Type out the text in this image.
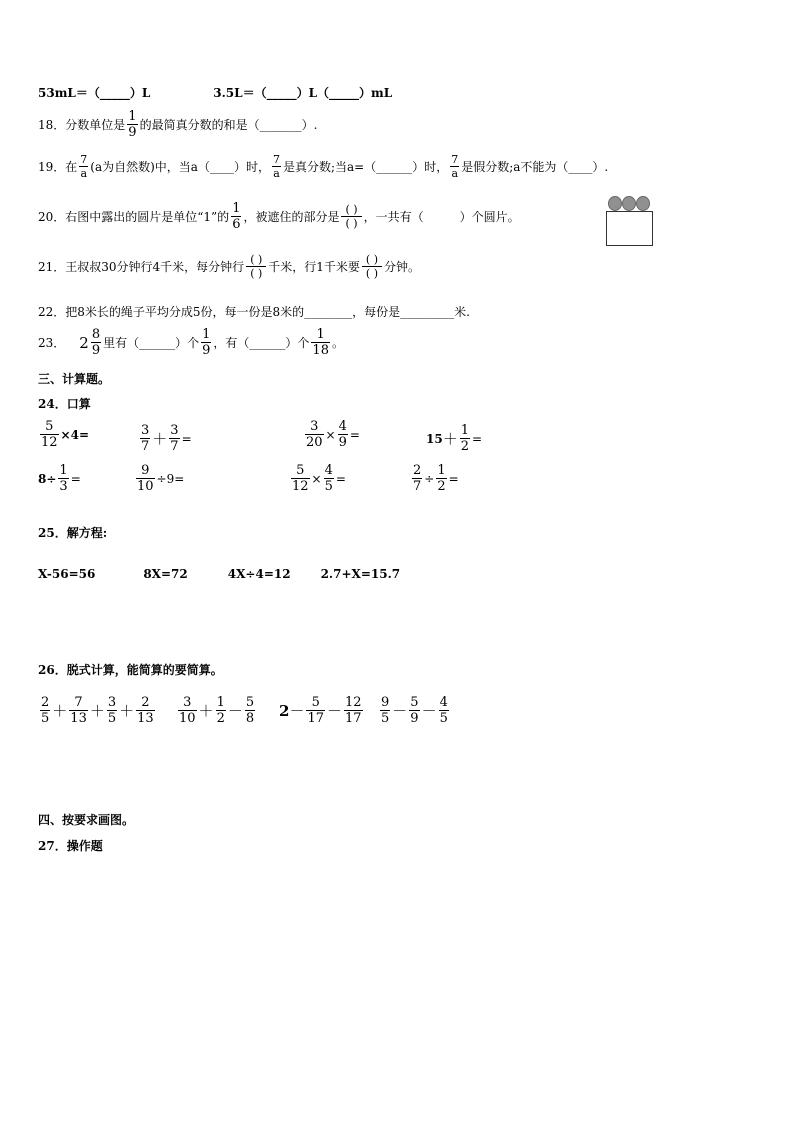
53mL＝（_____）L	3.5L＝（_____）L（_____）mL
18．分数单位是 $\frac{1}{9}$ 的最简真分数的和是（_______）.
19．在 $\frac{7}{a} (a$为自然数)中，当a（____）时， $\frac{7}{a}$ 是真分数;当a=（______）时， $\frac{7}{a}$ 是假分数;a不能为（____）.
20．右图中露出的圆片是单位“1”的 $\frac{1}{6}$ ，被遮住的部分是 $\frac{( )}{( )}$ ，一共有（　　　）个圆片。
21．王叔叔30分钟行4千米，每分钟行 $\frac{( )}{( )}$ 千米，行1千米要 $\frac{( )}{( )}$ 分钟。
22．把8米长的绳子平均分成5份，每一份是8米的________，每份是_________米.
23． $2 \frac{8}{9}$ 里有（______）个 $\frac{1}{9}$ ，有（______）个 $\frac{1}{18}$ 。
三、计算题。
24．口算
$\frac{5}{12} \times 4=$	$\frac{3}{7} + \frac{3}{7}$ =	$\frac{3}{20} \times \frac{4}{9}$ =	$15 + \frac{1}{2}$ =
$8\div \frac{1}{3}$ =	$\frac{9}{10} \div 9=$	$\frac{5}{12} \times \frac{4}{5}$ =	$\frac{2}{7} \div \frac{1}{2}$ =
25．解方程:
X-56=56	8X=72	4X÷4=12	2.7+X=15.7
26．脱式计算，能简算的要简算。
$\frac{2}{5} + \frac{7}{13} + \frac{3}{5} + \frac{2}{13} \frac{3}{10} + \frac{1}{2} - \frac{5}{8} 2 - \frac{5}{17} - \frac{12}{17} \frac{9}{5} - \frac{5}{9} - \frac{4}{5}$
四、按要求画图。
27．操作题
